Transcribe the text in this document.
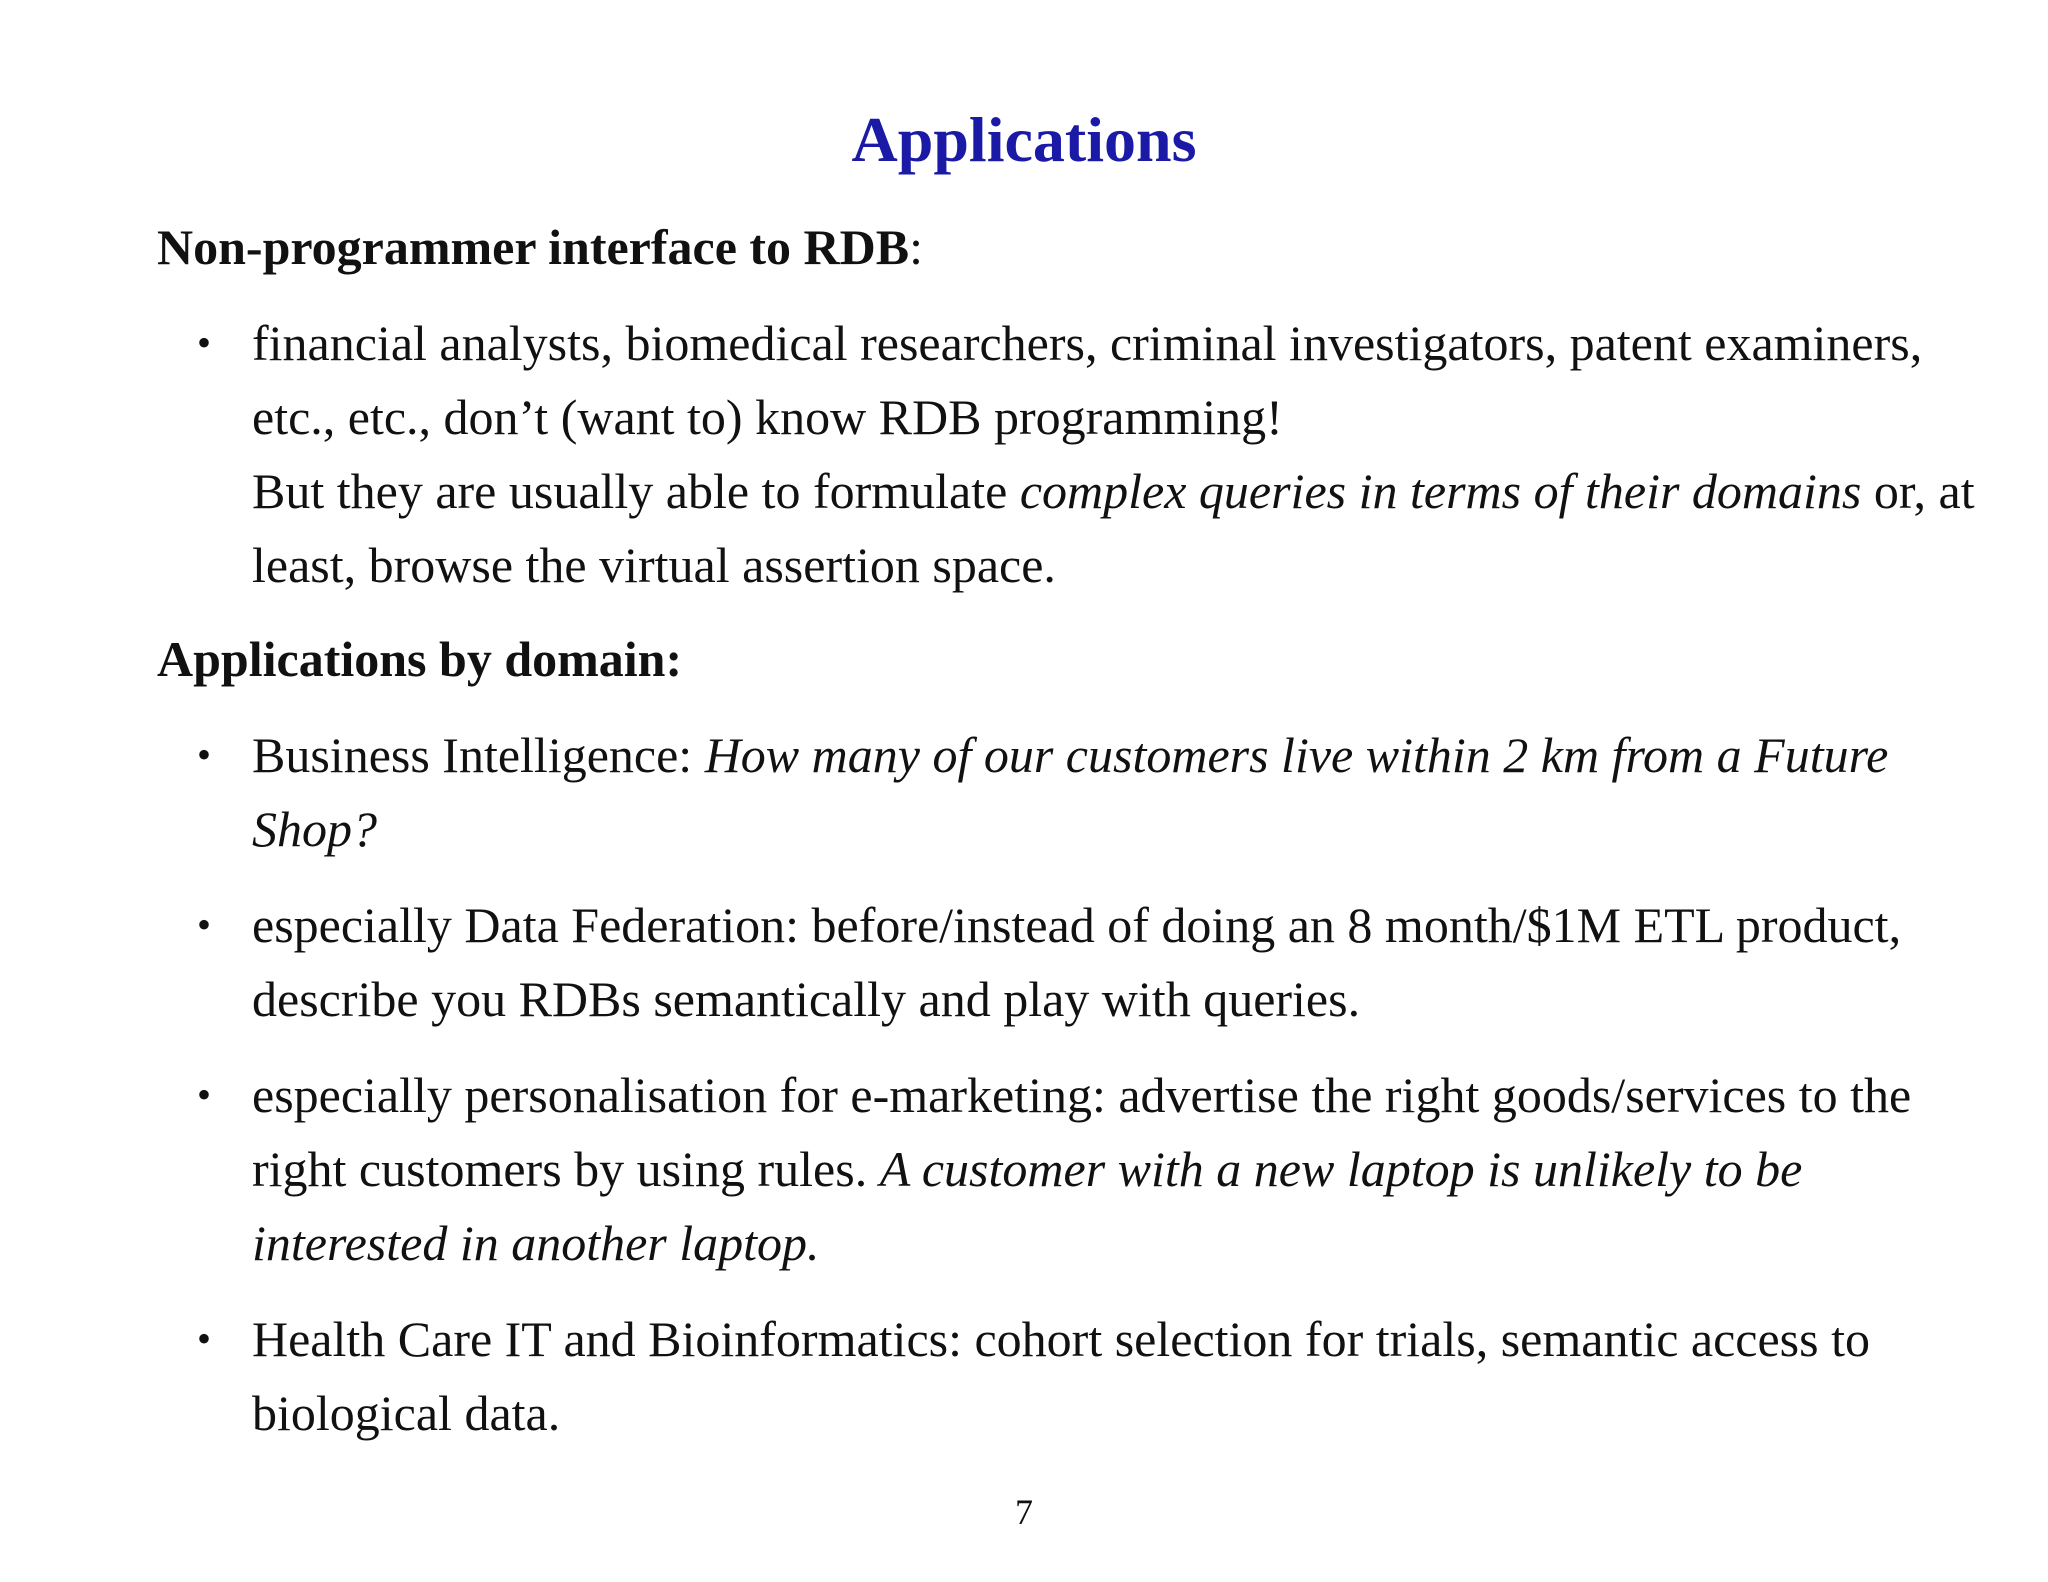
Applications
Non-programmer interface to RDB:
• financial analysts, biomedical researchers, criminal investigators, patent examiners, etc., etc., don’t (want to) know RDB programming!
But they are usually able to formulate complex queries in terms of their domains or, at least, browse the virtual assertion space.
Applications by domain:
• Business Intelligence: How many of our customers live within 2 km from a Future Shop?
• especially Data Federation: before/instead of doing an 8 month/$1M ETL product, describe you RDBs semantically and play with queries.
• especially personalisation for e-marketing: advertise the right goods/services to the right customers by using rules. A customer with a new laptop is unlikely to be interested in another laptop.
• Health Care IT and Bioinformatics: cohort selection for trials, semantic access to biological data.
7
